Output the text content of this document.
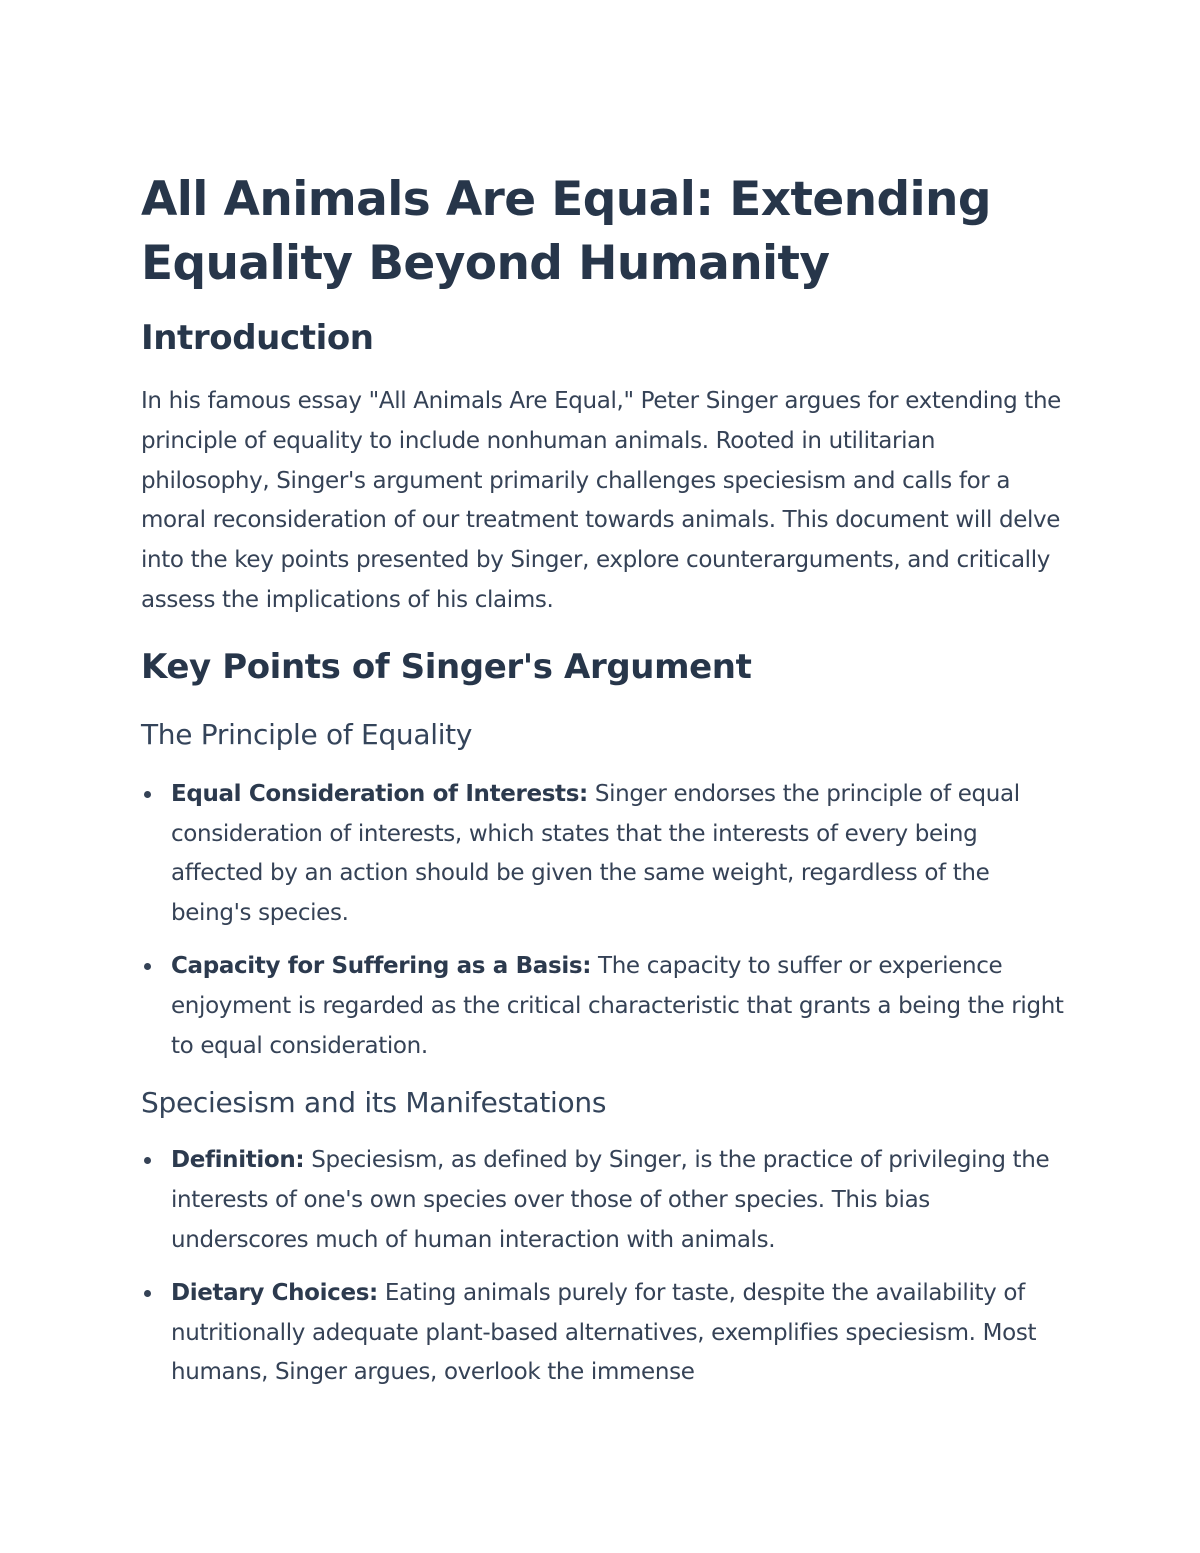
All Animals Are Equal: Extending Equality Beyond Humanity
Introduction

In his famous essay "All Animals Are Equal," Peter Singer argues for extending the principle of equality to include nonhuman animals. Rooted in utilitarian philosophy, Singer's argument primarily challenges speciesism and calls for a moral reconsideration of our treatment towards animals. This document will delve into the key points presented by Singer, explore counterarguments, and critically assess the implications of his claims.

Key Points of Singer's Argument
The Principle of Equality
Equal Consideration of Interests: Singer endorses the principle of equal consideration of interests, which states that the interests of every being affected by an action should be given the same weight, regardless of the being's species.
Capacity for Suffering as a Basis: The capacity to suffer or experience enjoyment is regarded as the critical characteristic that grants a being the right to equal consideration.
Speciesism and its Manifestations
Definition: Speciesism, as defined by Singer, is the practice of privileging the interests of one's own species over those of other species. This bias underscores much of human interaction with animals.
Dietary Choices: Eating animals purely for taste, despite the availability of nutritionally adequate plant-based alternatives, exemplifies speciesism. Most humans, Singer argues, overlook the immense
